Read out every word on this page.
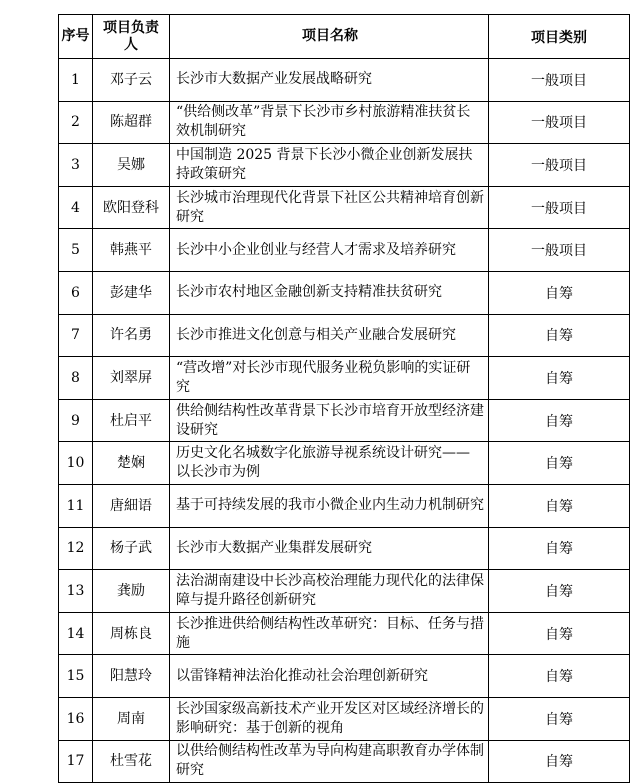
序号	项目负责人	项目名称	项目类别
1	邓子云	长沙市大数据产业发展战略研究	一般项目
2	陈超群	“供给侧改革”背景下长沙市乡村旅游精准扶贫长效机制研究	一般项目
3	吴娜	中国制造 2025 背景下长沙小微企业创新发展扶持政策研究	一般项目
4	欧阳登科	长沙城市治理现代化背景下社区公共精神培育创新研究	一般项目
5	韩燕平	长沙中小企业创业与经营人才需求及培养研究	一般项目
6	彭建华	长沙市农村地区金融创新支持精准扶贫研究	自筹
7	许名勇	长沙市推进文化创意与相关产业融合发展研究	自筹
8	刘翠屏	“营改增”对长沙市现代服务业税负影响的实证研究	自筹
9	杜启平	供给侧结构性改革背景下长沙市培育开放型经济建设研究	自筹
10	楚娴	历史文化名城数字化旅游导视系统设计研究—— 以长沙市为例	自筹
11	唐細语	基于可持续发展的我市小微企业内生动力机制研究	自筹
12	杨子武	长沙市大数据产业集群发展研究	自筹
13	龚励	法治湖南建设中长沙高校治理能力现代化的法律保障与提升路径创新研究	自筹
14	周栋良	长沙推进供给侧结构性改革研究：目标、任务与措施	自筹
15	阳慧玲	以雷锋精神法治化推动社会治理创新研究	自筹
16	周南	长沙国家级高新技术产业开发区对区域经济增长的影响研究：基于创新的视角	自筹
17	杜雪花	以供给侧结构性改革为导向构建高职教育办学体制研究	自筹
